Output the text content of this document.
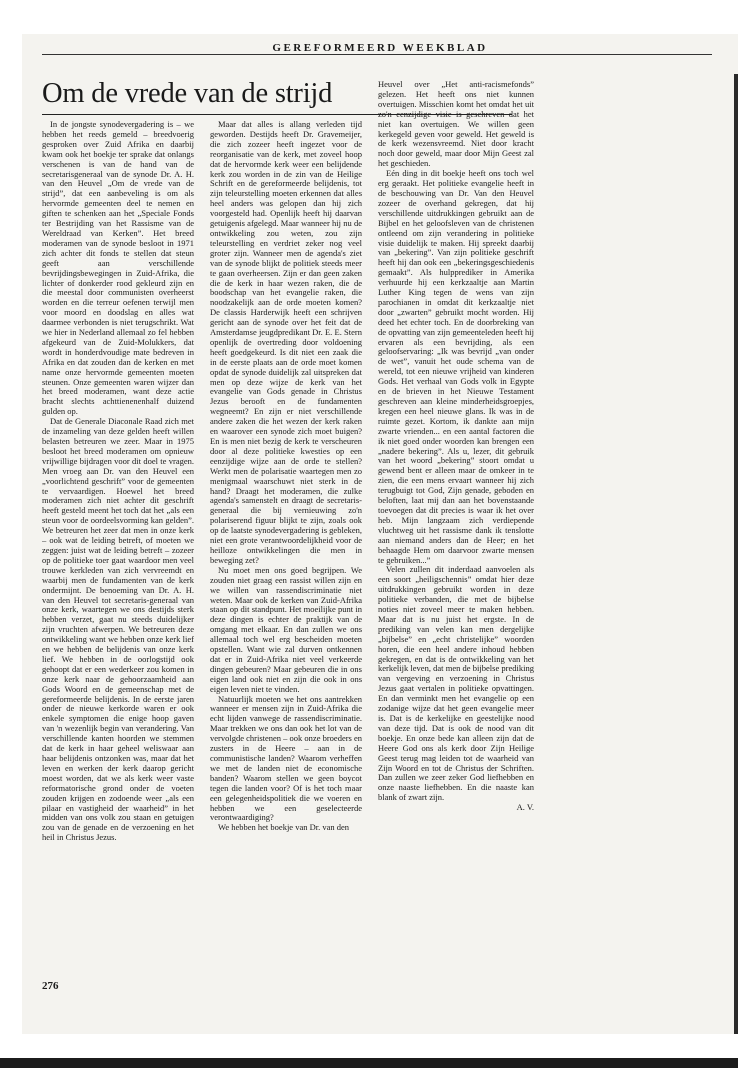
GEREFORMEERD WEEKBLAD
Om de vrede van de strijd

In de jongste synodevergadering is – we hebben het reeds gemeld – breedvoerig gesproken over Zuid Afrika en daarbij kwam ook het boekje ter sprake dat onlangs verschenen is van de hand van de secretarisgeneraal van de synode Dr. A. H. van den Heuvel „Om de vrede van de strijd”, dat een aanbeveling is om als hervormde gemeenten deel te nemen en giften te schenken aan het „Speciale Fonds ter Bestrijding van het Rassisme van de Wereldraad van Kerken”. Het breed moderamen van de synode besloot in 1971 zich achter dit fonds te stellen dat steun geeft aan verschillende bevrijdingsbewegingen in Zuid-Afrika, die lichter of donkerder rood gekleurd zijn en die meestal door communisten overheerst worden en die terreur oefenen terwijl men voor moord en doodslag en alles wat daarmee verbonden is niet terugschrikt. Wat we hier in Nederland allemaal zo fel hebben afgekeurd van de Zuid-Molukkers, dat wordt in honderdvoudige mate bedreven in Afrika en dat zouden dan de kerken en met name onze hervormde gemeenten moeten steunen. Onze gemeenten waren wijzer dan het breed moderamen, want deze actie bracht slechts achttienenenhalf duizend gulden op.

Dat de Generale Diaconale Raad zich met de inzameling van deze gelden heeft willen belasten betreuren we zeer. Maar in 1975 besloot het breed moderamen om opnieuw vrijwillige bijdragen voor dit doel te vragen. Men vroeg aan Dr. van den Heuvel een „voorlichtend geschrift” voor de gemeenten te vervaardigen. Hoewel het breed moderamen zich niet achter dit geschrift heeft gesteld meent het toch dat het „als een steun voor de oordeelsvorming kan gelden”. We betreuren het zeer dat men in onze kerk – ook wat de leiding betreft, of moeten we zeggen: juist wat de leiding betreft – zozeer op de politieke toer gaat waardoor men veel trouwe kerkleden van zich vervreemdt en waarbij men de fundamenten van de kerk ondermijnt. De benoeming van Dr. A. H. van den Heuvel tot secretaris-generaal van onze kerk, waartegen we ons destijds sterk hebben verzet, gaat nu steeds duidelijker zijn vruchten afwerpen. We betreuren deze ontwikkeling want we hebben onze kerk lief en we hebben de belijdenis van onze kerk lief. We hebben in de oorlogstijd ook gehoopt dat er een wederkeer zou komen in onze kerk naar de gehoorzaamheid aan Gods Woord en de gemeenschap met de gereformeerde belijdenis. In de eerste jaren onder de nieuwe kerkorde waren er ook enkele symptomen die enige hoop gaven van 'n wezenlijk begin van verandering. Van verschillende kanten hoorden we stemmen dat de kerk in haar geheel weliswaar aan haar belijdenis ontzonken was, maar dat het leven en werken der kerk daarop gericht moest worden, dat we als kerk weer vaste reformatorische grond onder de voeten zouden krijgen en zodoende weer „als een pilaar en vastigheid der waarheid” in het midden van ons volk zou staan en getuigen zou van de genade en de verzoening en het heil in Christus Jezus.

Maar dat alles is allang verleden tijd geworden. Destijds heeft Dr. Gravemeijer, die zich zozeer heeft ingezet voor de reorganisatie van de kerk, met zoveel hoop dat de hervormde kerk weer een belijdende kerk zou worden in de zin van de Heilige Schrift en de gereformeerde belijdenis, tot zijn teleurstelling moeten erkennen dat alles heel anders was gelopen dan hij zich voorgesteld had. Openlijk heeft hij daarvan getuigenis afgelegd. Maar wanneer hij nu de ontwikkeling zou weten, zou zijn teleurstelling en verdriet zeker nog veel groter zijn. Wanneer men de agenda's ziet van de synode blijkt de politiek steeds meer te gaan overheersen. Zijn er dan geen zaken die de kerk in haar wezen raken, die de boodschap van het evangelie raken, die noodzakelijk aan de orde moeten komen? De classis Harderwijk heeft een schrijven gericht aan de synode over het feit dat de Amsterdamse jeugdpredikant Dr. E. E. Stern openlijk de overtreding door voldoening heeft goedgekeurd. Is dit niet een zaak die in de eerste plaats aan de orde moet komen opdat de synode duidelijk zal uitspreken dat men op deze wijze de kerk van het evangelie van Gods genade in Christus Jezus berooft en de fundamenten wegneemt? En zijn er niet verschillende andere zaken die het wezen der kerk raken en waarover een synode zich moet buigen? En is men niet bezig de kerk te verscheuren door al deze politieke kwesties op een eenzijdige wijze aan de orde te stellen? Werkt men de polarisatie waartegen men zo menigmaal waarschuwt niet sterk in de hand? Draagt het moderamen, die zulke agenda's samenstelt en draagt de secretaris-generaal die bij vernieuwing zo'n polariserend figuur blijkt te zijn, zoals ook op de laatste synodevergadering is gebleken, niet een grote verantwoordelijkheid voor de heilloze ontwikkelingen die men in beweging zet?

Nu moet men ons goed begrijpen. We zouden niet graag een rassist willen zijn en we willen van rassendiscriminatie niet weten. Maar ook de kerken van Zuid-Afrika staan op dit standpunt. Het moeilijke punt in deze dingen is echter de praktijk van de omgang met elkaar. En dan zullen we ons allemaal toch wel erg bescheiden moeten opstellen. Want wie zal durven ontkennen dat er in Zuid-Afrika niet veel verkeerde dingen gebeuren? Maar gebeuren die in ons eigen land ook niet en zijn die ook in ons eigen leven niet te vinden.

Natuurlijk moeten we het ons aantrekken wanneer er mensen zijn in Zuid-Afrika die echt lijden vanwege de rassendiscriminatie. Maar trekken we ons dan ook het lot van de vervolgde christenen – ook onze broeders en zusters in de Heere – aan in de communistische landen? Waarom verheffen we met de landen niet de economische banden? Waarom stellen we geen boycot tegen die landen voor? Of is het toch maar een gelegenheidspolitiek die we voeren en hebben we een geselecteerde verontwaardiging?

We hebben het boekje van Dr. van den

Heuvel over „Het anti-racismefonds” gelezen. Het heeft ons niet kunnen overtuigen. Misschien komt het omdat het uit zo'n eenzijdige visie is geschreven dat het niet kan overtuigen. We willen geen kerkegeld geven voor geweld. Het geweld is de kerk wezensvreemd. Niet door kracht noch door geweld, maar door Mijn Geest zal het geschieden.

Eén ding in dit boekje heeft ons toch wel erg geraakt. Het politieke evangelie heeft in de beschouwing van Dr. Van den Heuvel zozeer de overhand gekregen, dat hij verschillende uitdrukkingen gebruikt aan de Bijbel en het geloofsleven van de christenen ontleend om zijn verandering in politieke visie duidelijk te maken. Hij spreekt daarbij van „bekering”. Van zijn politieke geschrift heeft hij dan ook een „bekeringsgeschiedenis gemaakt”. Als hulpprediker in Amerika verhuurde hij een kerkzaaltje aan Martin Luther King tegen de wens van zijn parochianen in omdat dit kerkzaaltje niet door „zwarten” gebruikt mocht worden. Hij deed het echter toch. En de doorbreking van de opvatting van zijn gemeenteleden heeft hij ervaren als een bevrijding, als een geloofservaring: „Ik was bevrijd „van onder de wet”, vanuit het oude schema van de wereld, tot een nieuwe vrijheid van kinderen Gods. Het verhaal van Gods volk in Egypte en de brieven in het Nieuwe Testament geschreven aan kleine minderheidsgroepjes, kregen een heel nieuwe glans. Ik was in de ruimte gezet. Kortom, ik dankte aan mijn zwarte vrienden... en een aantal factoren die ik niet goed onder woorden kan brengen een „nadere bekering”. Als u, lezer, dit gebruik van het woord „bekering” stoort omdat u gewend bent er alleen maar de omkeer in te zien, die een mens ervaart wanneer hij zich terugbuigt tot God, Zijn genade, geboden en beloften, laat mij dan aan het bovenstaande toevoegen dat dit precies is waar ik het over heb. Mijn langzaam zich verdiepende vluchtweg uit het rassisme dank ik tenslotte aan niemand anders dan de Heer; en het behaagde Hem om daarvoor zwarte mensen te gebruiken...”

Velen zullen dit inderdaad aanvoelen als een soort „heiligschennis” omdat hier deze uitdrukkingen gebruikt worden in deze politieke verbanden, die met de bijbelse noties niet zoveel meer te maken hebben. Maar dat is nu juist het ergste. In de prediking van velen kan men dergelijke „bijbelse” en „echt christelijke” woorden horen, die een heel andere inhoud hebben gekregen, en dat is de ontwikkeling van het kerkelijk leven, dat men de bijbelse prediking van vergeving en verzoening in Christus Jezus gaat vertalen in politieke opvattingen. En dan verminkt men het evangelie op een zodanige wijze dat het geen evangelie meer is. Dat is de kerkelijke en geestelijke nood van deze tijd. Dat is ook de nood van dit boekje. En onze bede kan alleen zijn dat de Heere God ons als kerk door Zijn Heilige Geest terug mag leiden tot de waarheid van Zijn Woord en tot de Christus der Schriften. Dan zullen we zeer zeker God liefhebben en onze naaste liefhebben. En die naaste kan blank of zwart zijn.

A. V.
276
